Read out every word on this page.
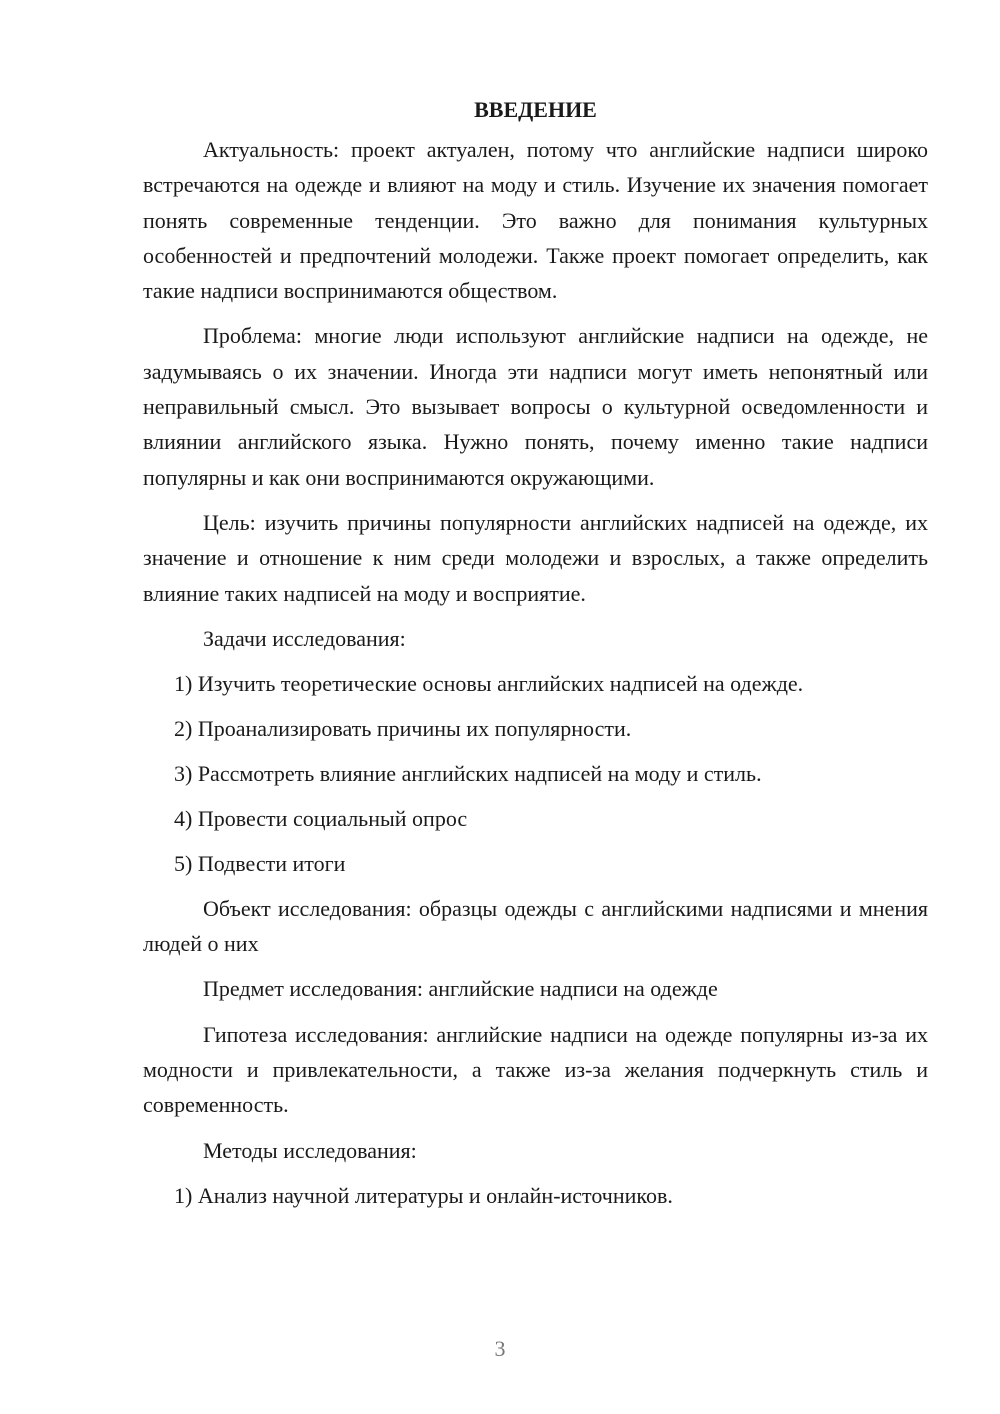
ВВЕДЕНИЕ

Актуальность: проект актуален, потому что английские надписи широко встречаются на одежде и влияют на моду и стиль. Изучение их значения помогает понять современные тенденции. Это важно для понимания культурных особенностей и предпочтений молодежи. Также проект помогает определить, как такие надписи воспринимаются обществом.

Проблема: многие люди используют английские надписи на одежде, не задумываясь о их значении. Иногда эти надписи могут иметь непонятный или неправильный смысл. Это вызывает вопросы о культурной осведомленности и влиянии английского языка. Нужно понять, почему именно такие надписи популярны и как они воспринимаются окружающими.

Цель: изучить причины популярности английских надписей на одежде, их значение и отношение к ним среди молодежи и взрослых, а также определить влияние таких надписей на моду и восприятие.

Задачи исследования:
1) Изучить теоретические основы английских надписей на одежде.
2) Проанализировать причины их популярности.
3) Рассмотреть влияние английских надписей на моду и стиль.
4) Провести социальный опрос
5) Подвести итоги

Объект исследования: образцы одежды с английскими надписями и мнения людей о них

Предмет исследования: английские надписи на одежде

Гипотеза исследования: английские надписи на одежде популярны из-за их модности и привлекательности, а также из-за желания подчеркнуть стиль и современность.

Методы исследования:
1) Анализ научной литературы и онлайн-источников.
3
